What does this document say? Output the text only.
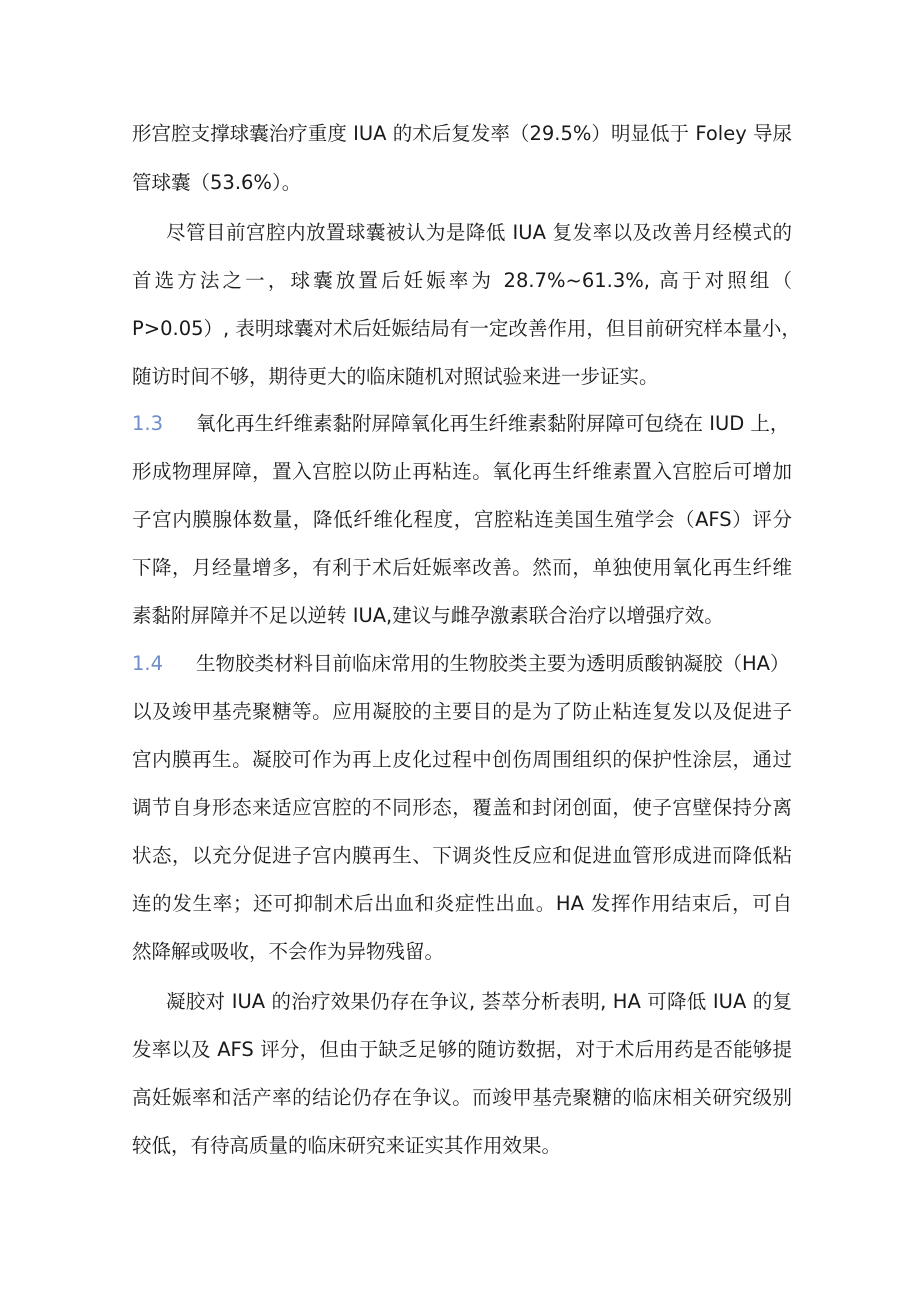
形宫腔支撑球囊治疗重度 IUA 的术后复发率（29.5%）明显低于 Foley 导尿
管球囊（53.6%）。
尽管目前宫腔内放置球囊被认为是降低 IUA 复发率以及改善月经模式的
首选方法之一，球囊放置后妊娠率为 28.7%~61.3%, 高于对照组（
P>0.05）, 表明球囊对术后妊娠结局有一定改善作用，但目前研究样本量小，
随访时间不够，期待更大的临床随机对照试验来进一步证实。
1.3 氧化再生纤维素黏附屏障氧化再生纤维素黏附屏障可包绕在 IUD 上，
形成物理屏障，置入宫腔以防止再粘连。氧化再生纤维素置入宫腔后可增加
子宫内膜腺体数量，降低纤维化程度，宫腔粘连美国生殖学会（AFS）评分
下降，月经量增多，有利于术后妊娠率改善。然而，单独使用氧化再生纤维
素黏附屏障并不足以逆转 IUA,建议与雌孕激素联合治疗以增强疗效。
1.4 生物胶类材料目前临床常用的生物胶类主要为透明质酸钠凝胶（HA）
以及竣甲基壳聚糖等。应用凝胶的主要目的是为了防止粘连复发以及促进子
宫内膜再生。凝胶可作为再上皮化过程中创伤周围组织的保护性涂层，通过
调节自身形态来适应宫腔的不同形态，覆盖和封闭创面，使子宫壁保持分离
状态，以充分促进子宫内膜再生、下调炎性反应和促进血管形成进而降低粘
连的发生率；还可抑制术后出血和炎症性出血。HA 发挥作用结束后，可自
然降解或吸收，不会作为异物残留。
凝胶对 IUA 的治疗效果仍存在争议, 荟萃分析表明, HA 可降低 IUA 的复
发率以及 AFS 评分，但由于缺乏足够的随访数据，对于术后用药是否能够提
高妊娠率和活产率的结论仍存在争议。而竣甲基壳聚糖的临床相关研究级别
较低，有待高质量的临床研究来证实其作用效果。
